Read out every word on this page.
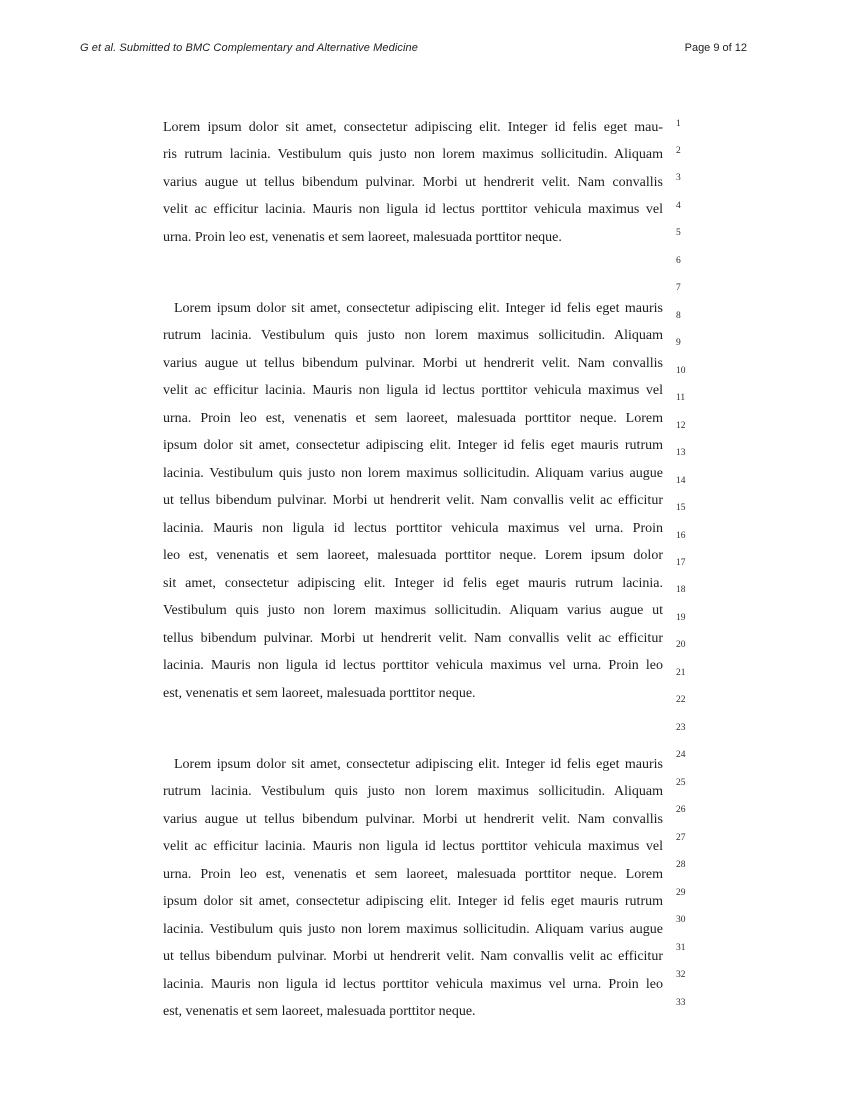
G et al. Submitted to BMC Complementary and Alternative Medicine	Page 9 of 12
Lorem ipsum dolor sit amet, consectetur adipiscing elit. Integer id felis eget mau-
ris rutrum lacinia. Vestibulum quis justo non lorem maximus sollicitudin. Aliquam
varius augue ut tellus bibendum pulvinar. Morbi ut hendrerit velit. Nam convallis
velit ac efficitur lacinia. Mauris non ligula id lectus porttitor vehicula maximus vel
urna. Proin leo est, venenatis et sem laoreet, malesuada porttitor neque.
Lorem ipsum dolor sit amet, consectetur adipiscing elit. Integer id felis eget mauris
rutrum lacinia. Vestibulum quis justo non lorem maximus sollicitudin. Aliquam
varius augue ut tellus bibendum pulvinar. Morbi ut hendrerit velit. Nam convallis
velit ac efficitur lacinia. Mauris non ligula id lectus porttitor vehicula maximus vel
urna. Proin leo est, venenatis et sem laoreet, malesuada porttitor neque. Lorem
ipsum dolor sit amet, consectetur adipiscing elit. Integer id felis eget mauris rutrum
lacinia. Vestibulum quis justo non lorem maximus sollicitudin. Aliquam varius augue
ut tellus bibendum pulvinar. Morbi ut hendrerit velit. Nam convallis velit ac efficitur
lacinia. Mauris non ligula id lectus porttitor vehicula maximus vel urna. Proin
leo est, venenatis et sem laoreet, malesuada porttitor neque. Lorem ipsum dolor
sit amet, consectetur adipiscing elit. Integer id felis eget mauris rutrum lacinia.
Vestibulum quis justo non lorem maximus sollicitudin. Aliquam varius augue ut
tellus bibendum pulvinar. Morbi ut hendrerit velit. Nam convallis velit ac efficitur
lacinia. Mauris non ligula id lectus porttitor vehicula maximus vel urna. Proin leo
est, venenatis et sem laoreet, malesuada porttitor neque.
Lorem ipsum dolor sit amet, consectetur adipiscing elit. Integer id felis eget mauris
rutrum lacinia. Vestibulum quis justo non lorem maximus sollicitudin. Aliquam
varius augue ut tellus bibendum pulvinar. Morbi ut hendrerit velit. Nam convallis
velit ac efficitur lacinia. Mauris non ligula id lectus porttitor vehicula maximus vel
urna. Proin leo est, venenatis et sem laoreet, malesuada porttitor neque. Lorem
ipsum dolor sit amet, consectetur adipiscing elit. Integer id felis eget mauris rutrum
lacinia. Vestibulum quis justo non lorem maximus sollicitudin. Aliquam varius augue
ut tellus bibendum pulvinar. Morbi ut hendrerit velit. Nam convallis velit ac efficitur
lacinia. Mauris non ligula id lectus porttitor vehicula maximus vel urna. Proin leo
est, venenatis et sem laoreet, malesuada porttitor neque.
1
2
3
4
5
6
7
8
9
10
11
12
13
14
15
16
17
18
19
20
21
22
23
24
25
26
27
28
29
30
31
32
33
